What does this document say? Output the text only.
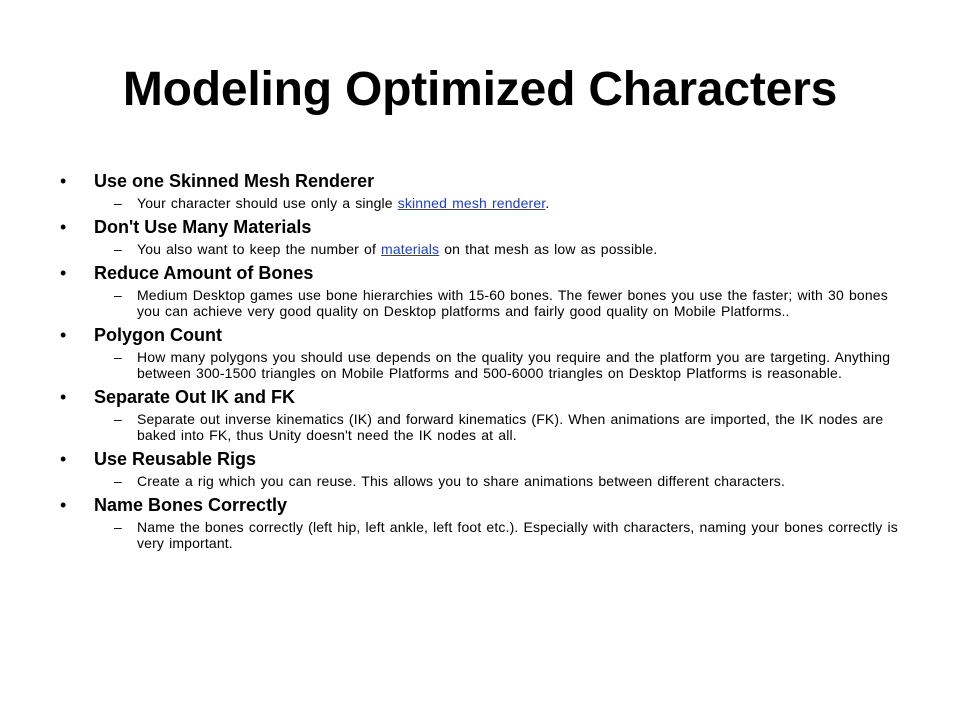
Modeling Optimized Characters
• Use one Skinned Mesh Renderer
– Your character should use only a single skinned mesh renderer.
• Don't Use Many Materials
– You also want to keep the number of materials on that mesh as low as possible.
• Reduce Amount of Bones
– Medium Desktop games use bone hierarchies with 15-60 bones. The fewer bones you use the faster; with 30 bones you can achieve very good quality on Desktop platforms and fairly good quality on Mobile Platforms..
• Polygon Count
– How many polygons you should use depends on the quality you require and the platform you are targeting. Anything between 300-1500 triangles on Mobile Platforms and 500-6000 triangles on Desktop Platforms is reasonable.
• Separate Out IK and FK
– Separate out inverse kinematics (IK) and forward kinematics (FK). When animations are imported, the IK nodes are baked into FK, thus Unity doesn't need the IK nodes at all.
• Use Reusable Rigs
– Create a rig which you can reuse. This allows you to share animations between different characters.
• Name Bones Correctly
– Name the bones correctly (left hip, left ankle, left foot etc.). Especially with characters, naming your bones correctly is very important.
